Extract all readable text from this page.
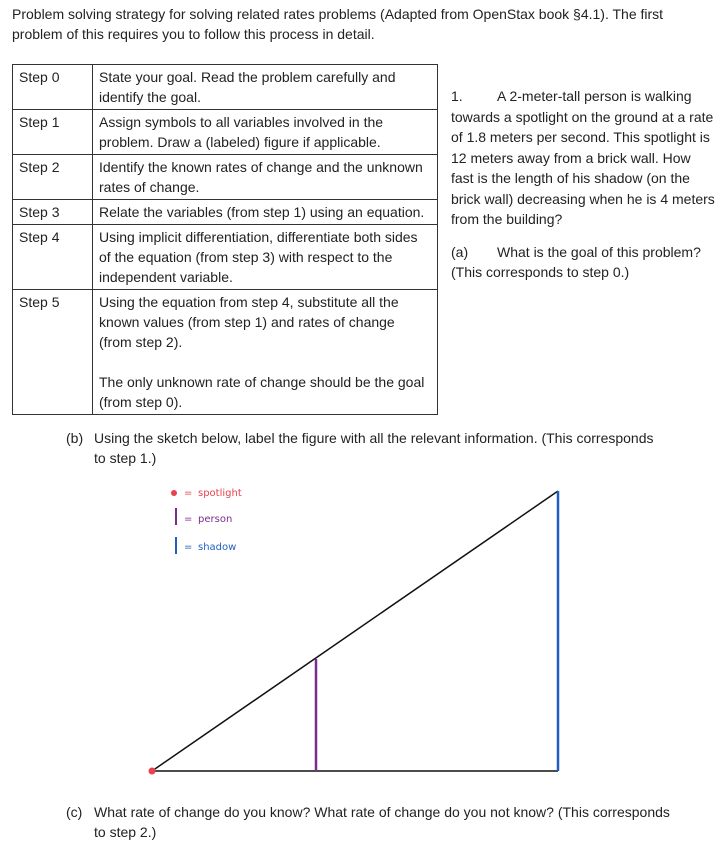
Problem solving strategy for solving related rates problems (Adapted from OpenStax book §4.1). The first
problem of this requires you to follow this process in detail.
Step 0	State your goal. Read the problem carefully and identify the goal.
Step 1	Assign symbols to all variables involved in the problem. Draw a (labeled) figure if applicable.
Step 2	Identify the known rates of change and the unknown rates of change.
Step 3	Relate the variables (from step 1) using an equation.
Step 4	Using implicit differentiation, differentiate both sides of the equation (from step 3) with respect to the independent variable.
Step 5	Using the equation from step 4, substitute all the known values (from step 1) and rates of change (from step 2).
The only unknown rate of change should be the goal (from step 0).
1. A 2-meter-tall person is walking towards a spotlight on the ground at a rate of 1.8 meters per second. This spotlight is 12 meters away from a brick wall. How fast is the length of his shadow (on the brick wall) decreasing when he is 4 meters from the building?
(a) What is the goal of this problem? (This corresponds to step 0.)
(b) Using the sketch below, label the figure with all the relevant information. (This corresponds
to step 1.)
= spotlight
= person
= shadow
(c) What rate of change do you know? What rate of change do you not know? (This corresponds
to step 2.)
